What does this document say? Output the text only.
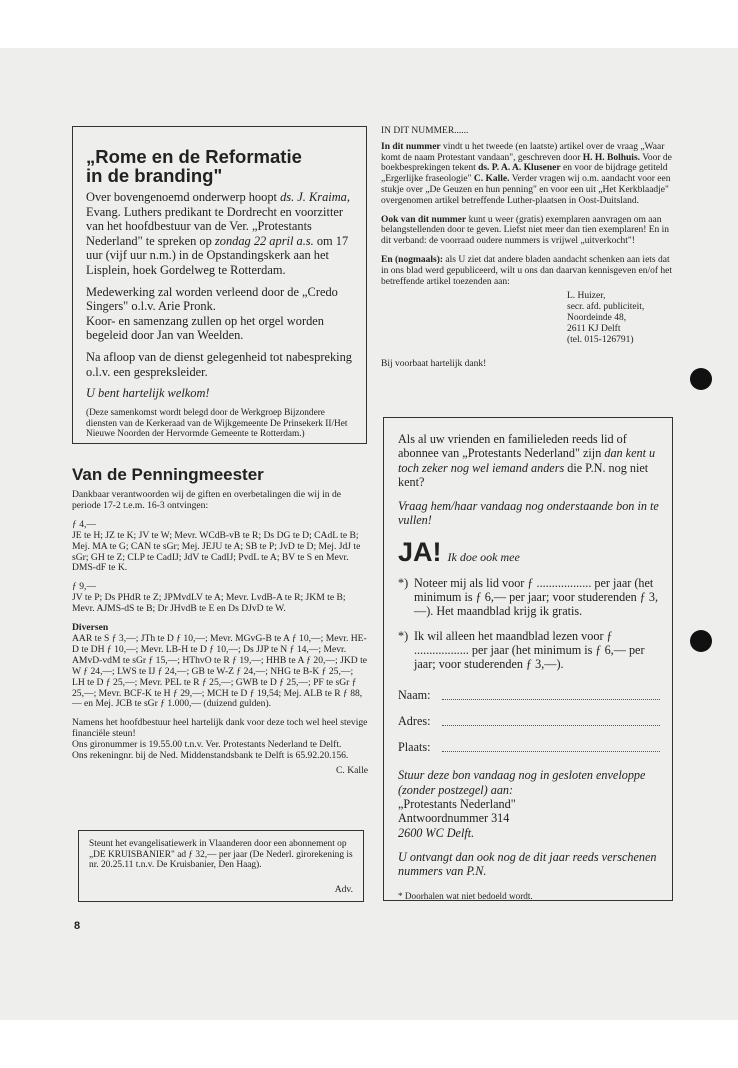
„Rome en de Reformatie
in de branding"

Over bovengenoemd onderwerp hoopt ds. J. Kraima, Evang. Luthers predikant te Dordrecht en voorzitter van het hoofdbestuur van de Ver. „Protestants Nederland" te spreken op zondag 22 april a.s. om 17 uur (vijf uur n.m.) in de Opstandingskerk aan het Lisplein, hoek Gordelweg te Rotterdam.

Medewerking zal worden verleend door de „Credo Singers" o.l.v. Arie Pronk.

Koor- en samenzang zullen op het orgel worden begeleid door Jan van Weelden.

Na afloop van de dienst gelegenheid tot nabespreking o.l.v. een gespreksleider.

U bent hartelijk welkom!

(Deze samenkomst wordt belegd door de Werkgroep Bijzondere diensten van de Kerkeraad van de Wijkgemeente De Prinsekerk II/Het Nieuwe Noorden der Hervormde Gemeente te Rotterdam.)

Van de Penningmeester

Dankbaar verantwoorden wij de giften en overbetalingen die wij in de periode 17-2 t.e.m. 16-3 ontvingen:

ƒ 4,—
JE te H; JZ te K; JV te W; Mevr. WCdB-vB te R; Ds DG te D; CAdL te B; Mej. MA te G; CAN te sGr; Mej. JEJU te A; SB te P; JvD te D; Mej. JdJ te sGr; GH te Z; CLP te CadIJ; JdV te CadIJ; PvdL te A; BV te S en Mevr. DMS-dF te K.

ƒ 9,—
JV te P; Ds PHdR te Z; JPMvdLV te A; Mevr. LvdB-A te R; JKM te B; Mevr. AJMS-dS te B; Dr JHvdB te E en Ds DJvD te W.

Diversen
AAR te S ƒ 3,—; JTh te D ƒ 10,—; Mevr. MGvG-B te A ƒ 10,—; Mevr. HE-D te DH ƒ 10,—; Mevr. LB-H te D ƒ 10,—; Ds JJP te N ƒ 14,—; Mevr. AMvD-vdM te sGr ƒ 15,—; HThvO te R ƒ 19,—; HHB te A ƒ 20,—; JKD te W ƒ 24,—; LWS te IJ ƒ 24,—; GB te W-Z ƒ 24,—; NHG te B-K ƒ 25,—; LH te D ƒ 25,—; Mevr. PEL te R ƒ 25,—; GWB te D ƒ 25,—; PF te sGr ƒ 25,—; Mevr. BCF-K te H ƒ 29,—; MCH te D ƒ 19,54; Mej. ALB te R ƒ 88,— en Mej. JCB te sGr ƒ 1.000,— (duizend gulden).

Namens het hoofdbestuur heel hartelijk dank voor deze toch wel heel stevige financiële steun!
Ons gironummer is 19.55.00 t.n.v. Ver. Protestants Nederland te Delft.
Ons rekeningnr. bij de Ned. Middenstandsbank te Delft is 65.92.20.156.

C. Kalle

Steunt het evangelisatiewerk in Vlaanderen door een abonnement op „DE KRUISBANIER" ad ƒ 32,— per jaar (De Nederl. girorekening is nr. 20.25.11 t.n.v. De Kruisbanier, Den Haag).
Adv.
8

IN DIT NUMMER......

In dit nummer vindt u het tweede (en laatste) artikel over de vraag „Waar komt de naam Protestant vandaan", geschreven door H. H. Bolhuis. Voor de boekbesprekingen tekent ds. P. A. A. Klusener en voor de bijdrage getiteld „Ergerlijke fraseologie" C. Kalle. Verder vragen wij o.m. aandacht voor een stukje over „De Geuzen en hun penning" en voor een uit „Het Kerkblaadje" overgenomen artikel betreffende Luther-plaatsen in Oost-Duitsland.

Ook van dit nummer kunt u weer (gratis) exemplaren aanvragen om aan belangstellenden door te geven. Liefst niet meer dan tien exemplaren! En in dit verband: de voorraad oudere nummers is vrijwel „uitverkocht"!

En (nogmaals): als U ziet dat andere bladen aandacht schenken aan iets dat in ons blad werd gepubliceerd, wilt u ons dan daarvan kennisgeven en/of het betreffende artikel toezenden aan:

L. Huizer,
secr. afd. publiciteit,
Noordeinde 48,
2611 KJ Delft
(tel. 015-126791)

Bij voorbaat hartelijk dank!

Als al uw vrienden en familieleden reeds lid of abonnee van „Protestants Nederland" zijn dan kent u toch zeker nog wel iemand anders die P.N. nog niet kent?

Vraag hem/haar vandaag nog onderstaande bon in te vullen!

JA! Ik doe ook mee
*) Noteer mij als lid voor ƒ .................. per jaar (het minimum is ƒ 6,— per jaar; voor studerenden ƒ 3,—). Het maandblad krijg ik gratis.
*) Ik wil alleen het maandblad lezen voor ƒ .................. per jaar (het minimum is ƒ 6,— per jaar; voor studerenden ƒ 3,—).
Naam:
Adres:
Plaats:

Stuur deze bon vandaag nog in gesloten enveloppe (zonder postzegel) aan:
„Protestants Nederland"
Antwoordnummer 314
2600 WC Delft.

U ontvangt dan ook nog de dit jaar reeds verschenen nummers van P.N.

* Doorhalen wat niet bedoeld wordt.
